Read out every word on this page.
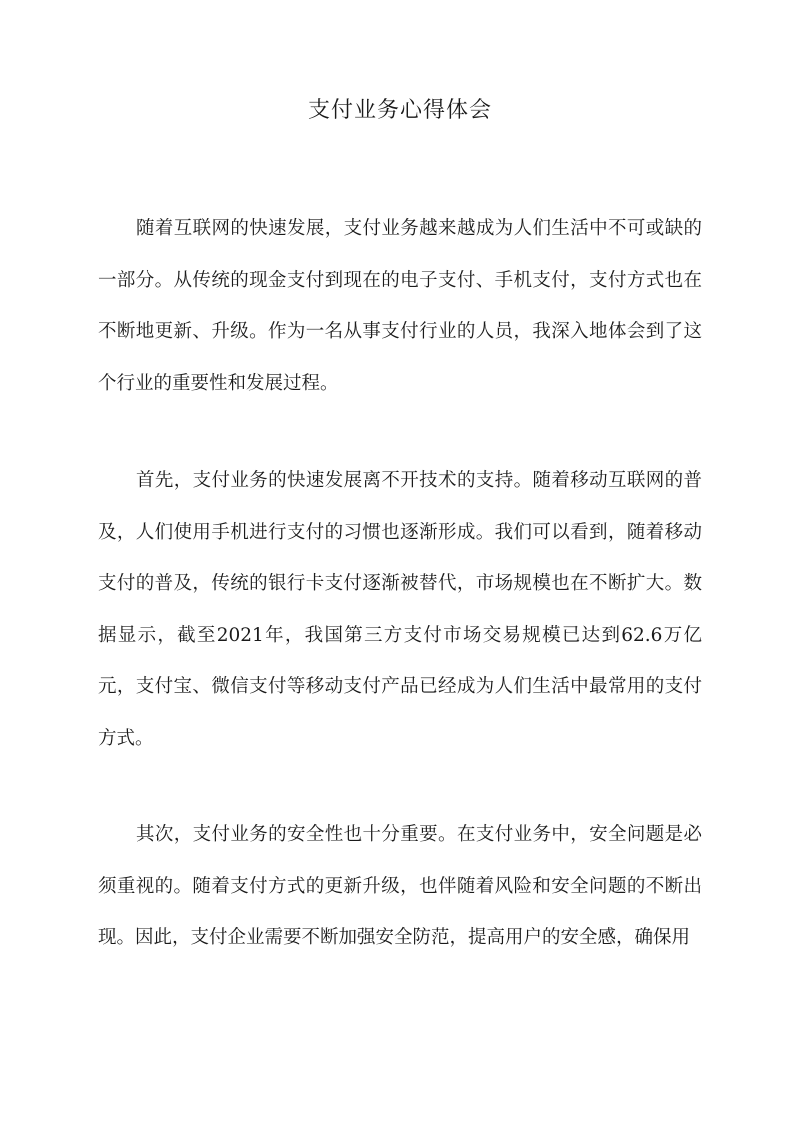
支付业务心得体会

随着互联网的快速发展，支付业务越来越成为人们生活中不可或缺的一部分。从传统的现金支付到现在的电子支付、手机支付，支付方式也在不断地更新、升级。作为一名从事支付行业的人员，我深入地体会到了这个行业的重要性和发展过程。

首先，支付业务的快速发展离不开技术的支持。随着移动互联网的普及，人们使用手机进行支付的习惯也逐渐形成。我们可以看到，随着移动支付的普及，传统的银行卡支付逐渐被替代，市场规模也在不断扩大。数据显示，截至2021年，我国第三方支付市场交易规模已达到62.6万亿元，支付宝、微信支付等移动支付产品已经成为人们生活中最常用的支付方式。

其次，支付业务的安全性也十分重要。在支付业务中，安全问题是必须重视的。随着支付方式的更新升级，也伴随着风险和安全问题的不断出现。因此，支付企业需要不断加强安全防范，提高用户的安全感，确保用
